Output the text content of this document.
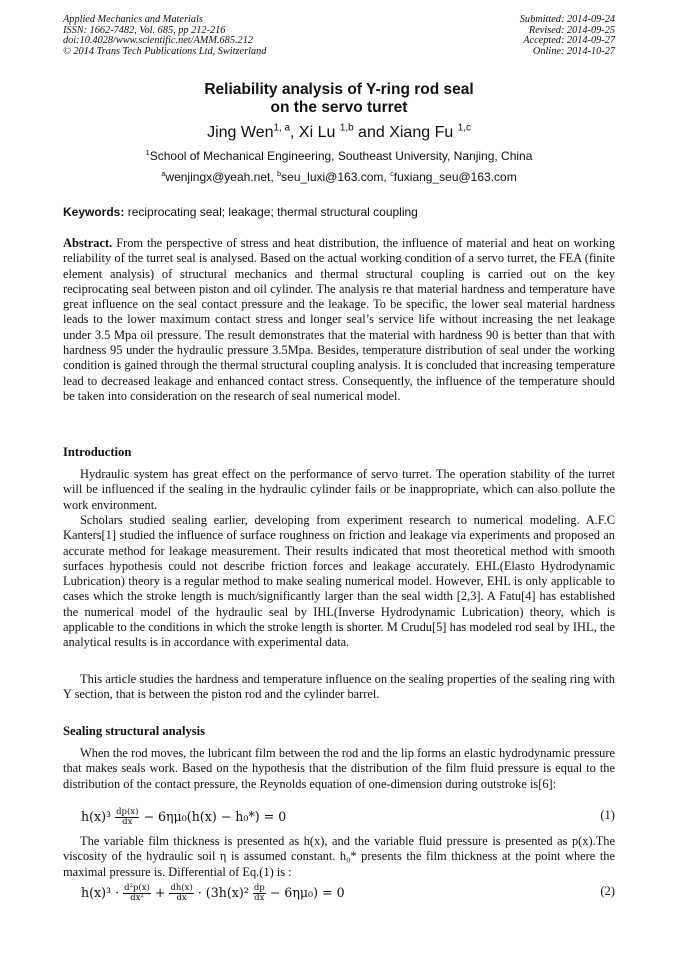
Applied Mechanics and Materials
ISSN: 1662-7482, Vol. 685, pp 212-216
doi:10.4028/www.scientific.net/AMM.685.212
© 2014 Trans Tech Publications Ltd, Switzerland
Submitted: 2014-09-24
Revised: 2014-09-25
Accepted: 2014-09-27
Online: 2014-10-27
Reliability analysis of Y-ring rod seal
on the servo turret
Jing Wen$^{1, a}$, Xi Lu $^{1,b}$ and Xiang Fu $^{1,c}$
$^1$School of Mechanical Engineering, Southeast University, Nanjing, China
$^a$wenjingx@yeah.net, $^b$seu_luxi@163.com, $^c$fuxiang_seu@163.com
Keywords: reciprocating seal; leakage; thermal structural coupling
Abstract. From the perspective of stress and heat distribution, the influence of material and heat on working reliability of the turret seal is analysed. Based on the actual working condition of a servo turret, the FEA (finite element analysis) of structural mechanics and thermal structural coupling is carried out on the key reciprocating seal between piston and oil cylinder. The analysis re that material hardness and temperature have great influence on the seal contact pressure and the leakage. To be specific, the lower seal material hardness leads to the lower maximum contact stress and longer seal’s service life without increasing the net leakage under 3.5 Mpa oil pressure. The result demonstrates that the material with hardness 90 is better than that with hardness 95 under the hydraulic pressure 3.5Mpa. Besides, temperature distribution of seal under the working condition is gained through the thermal structural coupling analysis. It is concluded that increasing temperature lead to decreased leakage and enhanced contact stress. Consequently, the influence of the temperature should be taken into consideration on the research of seal numerical model.
Introduction
Hydraulic system has great effect on the performance of servo turret. The operation stability of the turret will be influenced if the sealing in the hydraulic cylinder fails or be inappropriate, which can also pollute the work environment.
Scholars studied sealing earlier, developing from experiment research to numerical modeling. A.F.C Kanters[1] studied the influence of surface roughness on friction and leakage via experiments and proposed an accurate method for leakage measurement. Their results indicated that most theoretical method with smooth surfaces hypothesis could not describe friction forces and leakage accurately. EHL(Elasto Hydrodynamic Lubrication) theory is a regular method to make sealing numerical model. However, EHL is only applicable to cases which the stroke length is much/significantly larger than the seal width [2,3]. A Fatu[4] has established the numerical model of the hydraulic seal by IHL(Inverse Hydrodynamic Lubrication) theory, which is applicable to the conditions in which the stroke length is shorter. M Crudu[5] has modeled rod seal by IHL, the analytical results is in accordance with experimental data.
This article studies the hardness and temperature influence on the sealing properties of the sealing ring with Y section, that is between the piston rod and the cylinder barrel.
Sealing structural analysis
When the rod moves, the lubricant film between the rod and the lip forms an elastic hydrodynamic pressure that makes seals work. Based on the hypothesis that the distribution of the film fluid pressure is equal to the distribution of the contact pressure, the Reynolds equation of one-dimension during outstroke is[6]:
$h(x)^3 \frac{dp(x)}{dx} - 6\eta\mu_0(h(x) - h_0*) = 0$	(1)
The variable film thickness is presented as h(x), and the variable fluid pressure is presented as p(x).The viscosity of the hydraulic soil η is assumed constant. h₀* presents the film thickness at the point where the maximal pressure is. Differential of Eq.(1) is :
$h(x)^3 \cdot \frac{\text{d²p(x)}}{\text{dx²}} + \frac{dh(x)}{dx} \cdot (3h(x)^2 \frac{dp}{dx} - 6\eta\mu_0) = 0$	(2)
